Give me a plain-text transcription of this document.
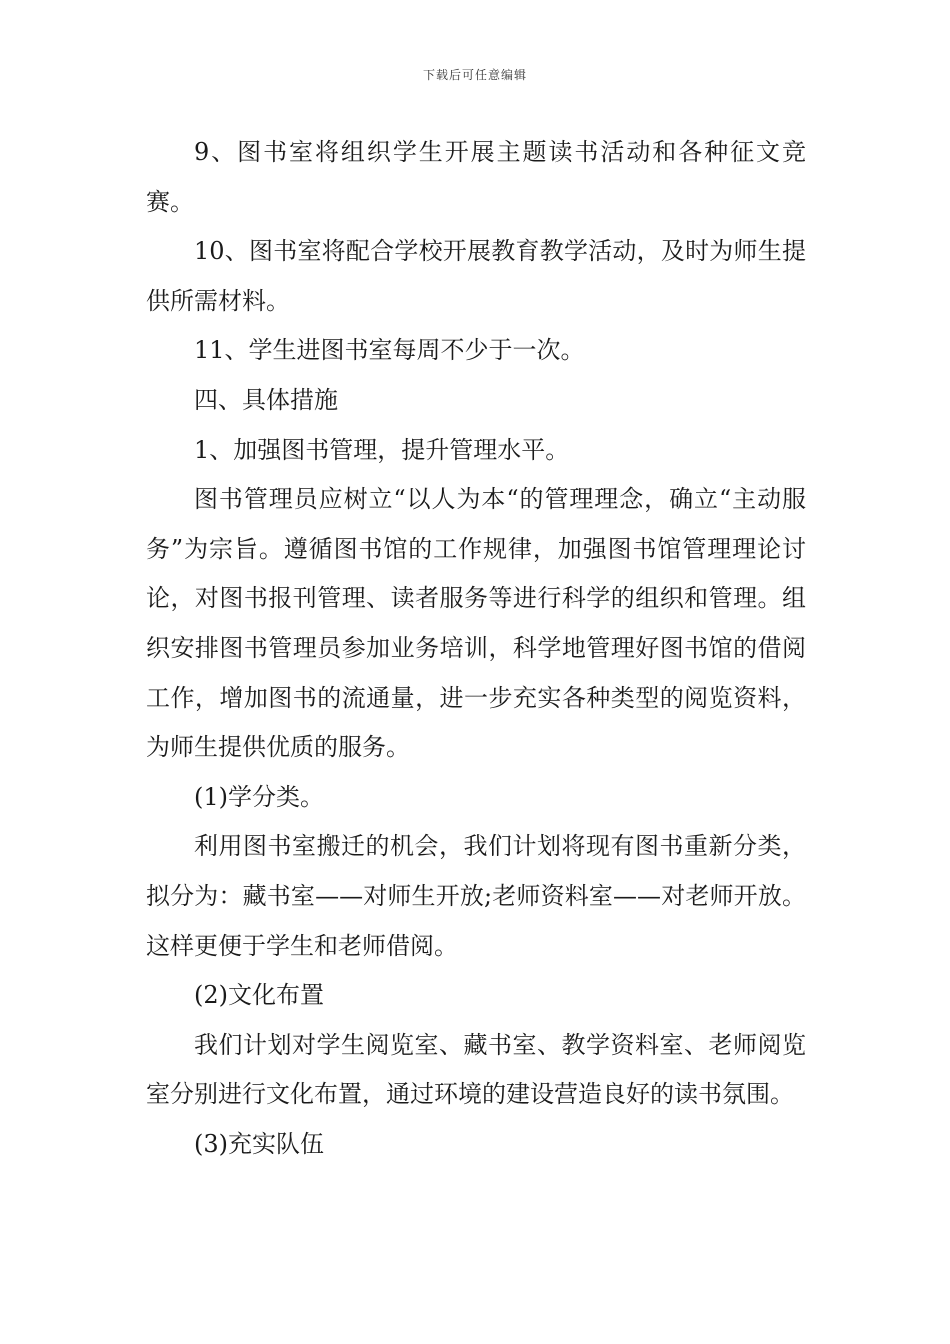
下载后可任意编辑

9、图书室将组织学生开展主题读书活动和各种征文竞赛。

10、图书室将配合学校开展教育教学活动，及时为师生提供所需材料。

11、学生进图书室每周不少于一次。

四、具体措施

1、加强图书管理，提升管理水平。

图书管理员应树立“以人为本“的管理理念，确立“主动服务”为宗旨。遵循图书馆的工作规律，加强图书馆管理理论讨论，对图书报刊管理、读者服务等进行科学的组织和管理。组织安排图书管理员参加业务培训，科学地管理好图书馆的借阅工作，增加图书的流通量，进一步充实各种类型的阅览资料，为师生提供优质的服务。

(1)学分类。

利用图书室搬迁的机会，我们计划将现有图书重新分类，拟分为：藏书室——对师生开放;老师资料室——对老师开放。这样更便于学生和老师借阅。

(2)文化布置

我们计划对学生阅览室、藏书室、教学资料室、老师阅览室分别进行文化布置，通过环境的建设营造良好的读书氛围。

(3)充实队伍
